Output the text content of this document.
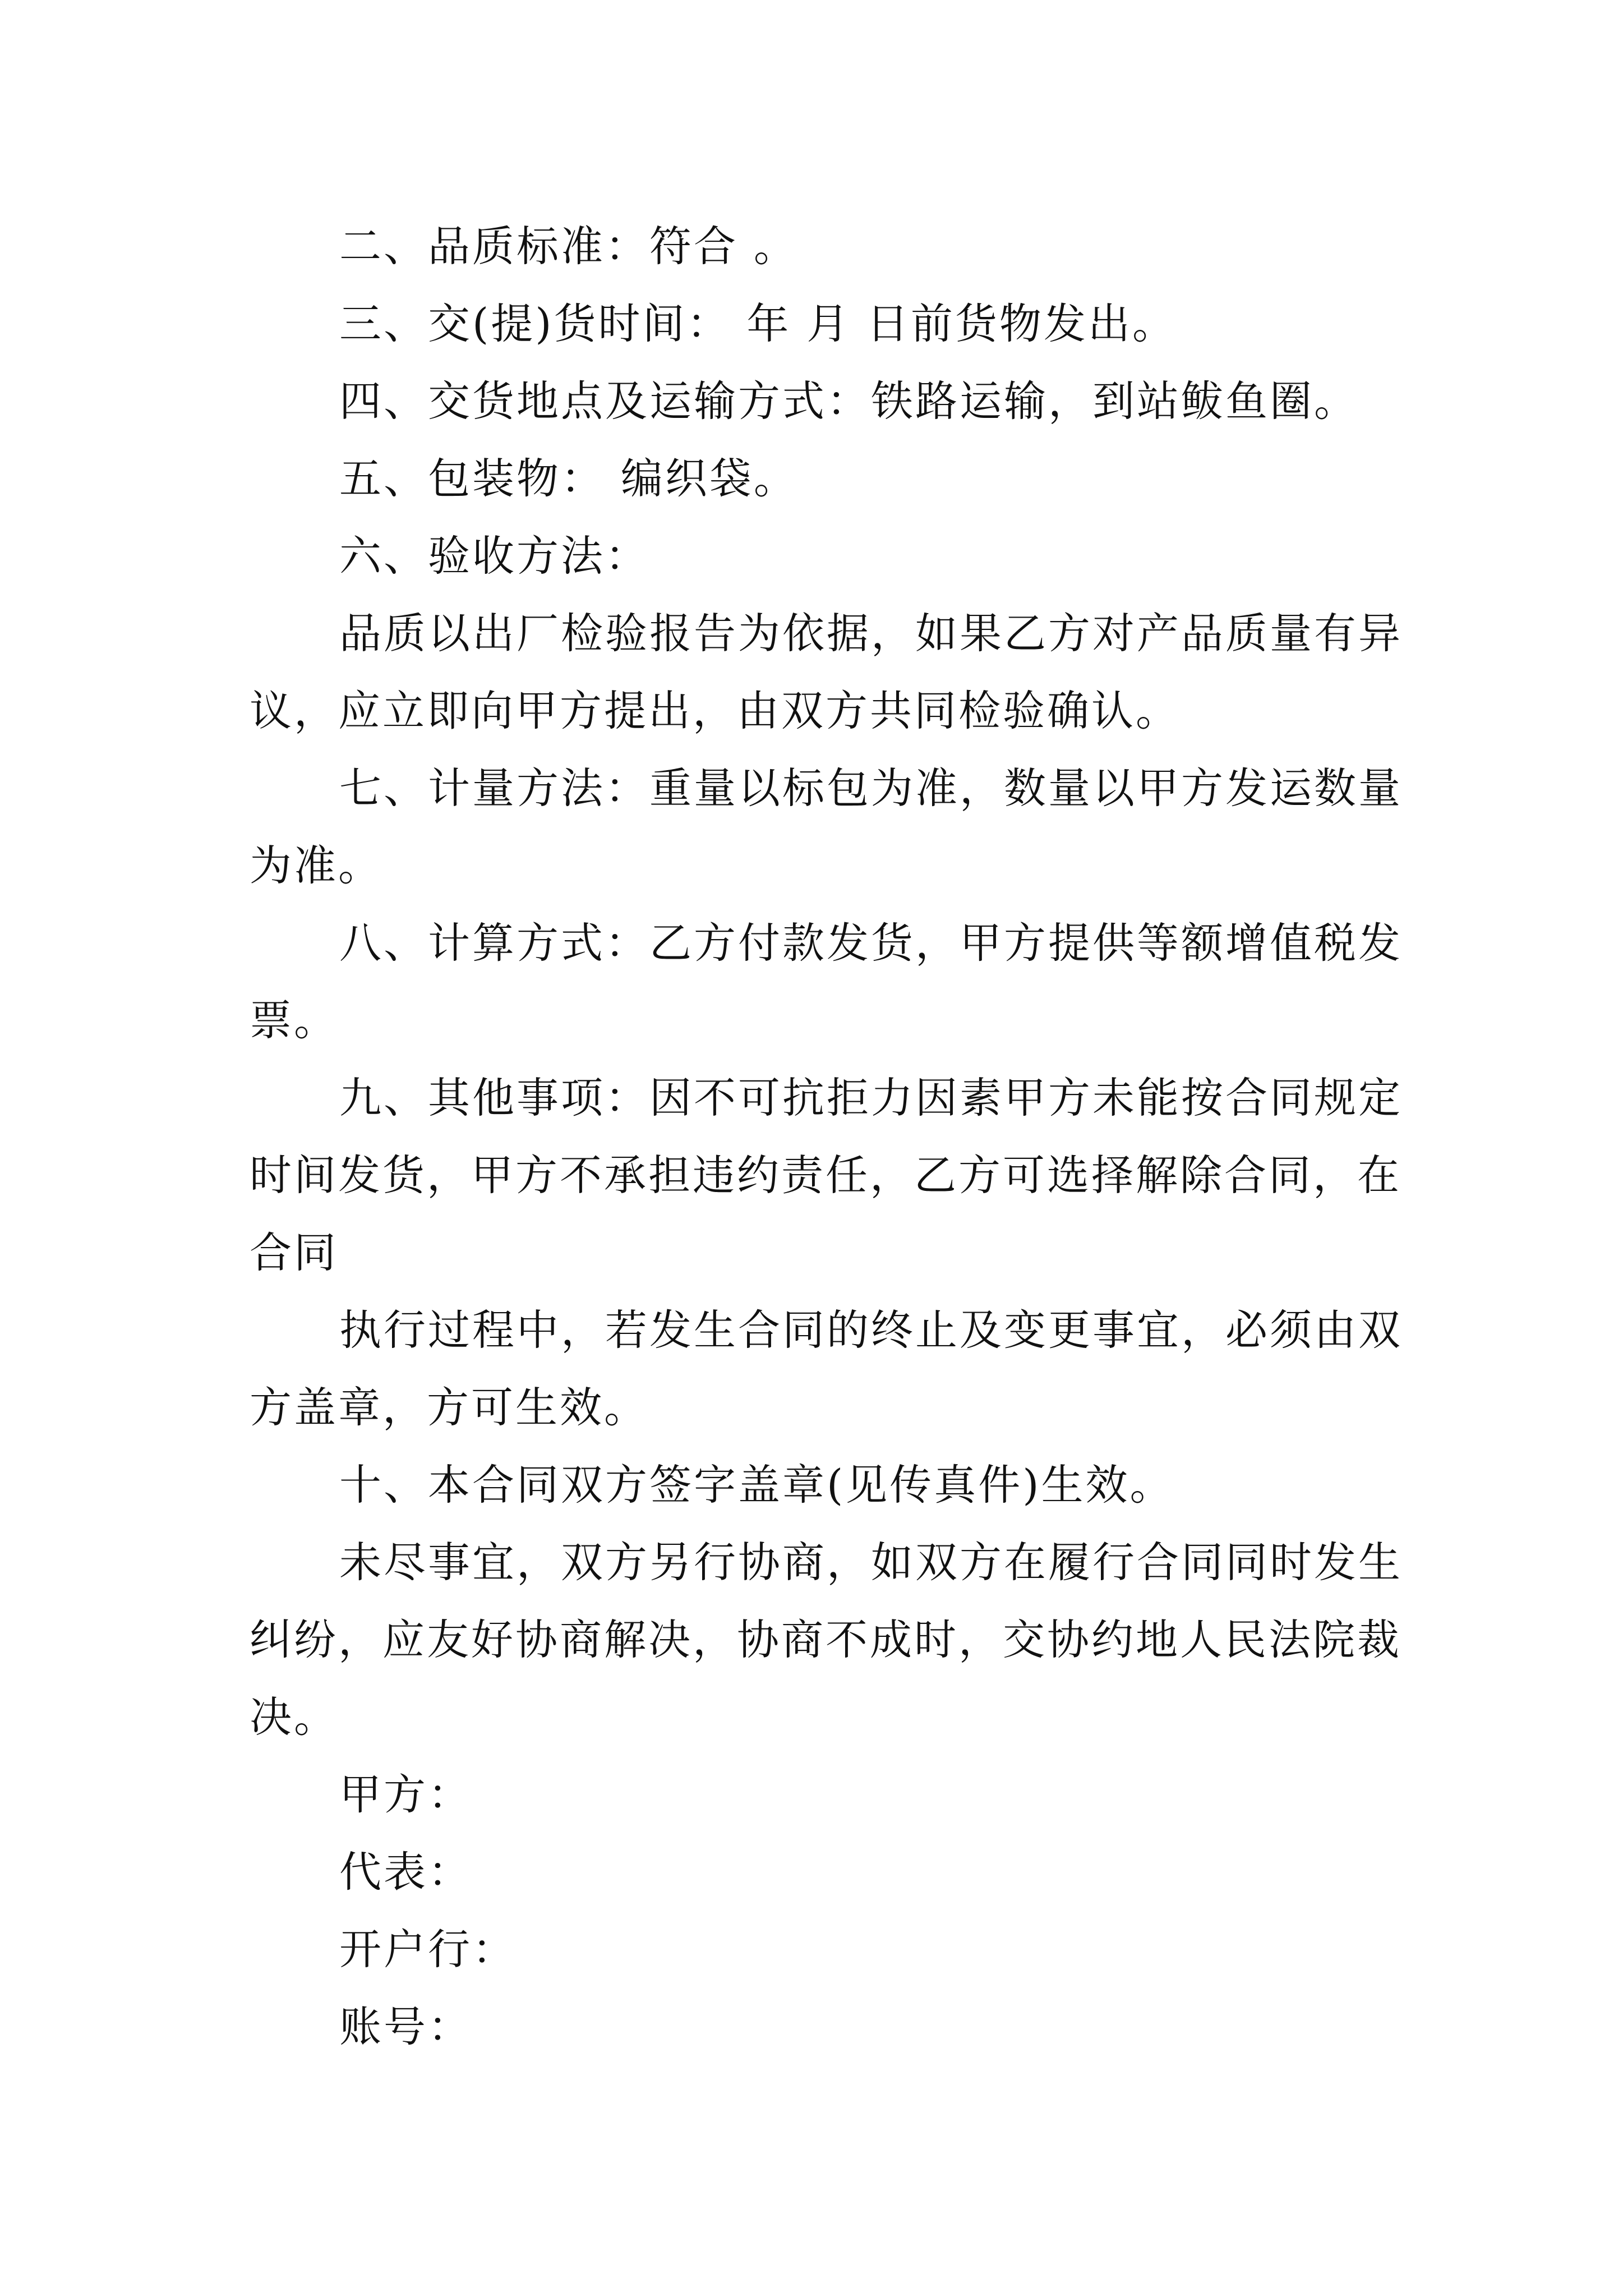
二、品质标准：符合 。
三、交(提)货时间： 年 月 日前货物发出。
四、交货地点及运输方式：铁路运输，到站鲅鱼圈。
五、包装物： 编织袋。
六、验收方法：
品质以出厂检验报告为依据，如果乙方对产品质量有异
议，应立即向甲方提出，由双方共同检验确认。
七、计量方法：重量以标包为准，数量以甲方发运数量
为准。
八、计算方式：乙方付款发货，甲方提供等额增值税发
票。
九、其他事项：因不可抗拒力因素甲方未能按合同规定
时间发货，甲方不承担违约责任，乙方可选择解除合同，在
合同
执行过程中，若发生合同的终止及变更事宜，必须由双
方盖章，方可生效。
十、本合同双方签字盖章(见传真件)生效。
未尽事宜，双方另行协商，如双方在履行合同同时发生
纠纷，应友好协商解决，协商不成时，交协约地人民法院裁
决。
甲方：
代表：
开户行：
账号：
